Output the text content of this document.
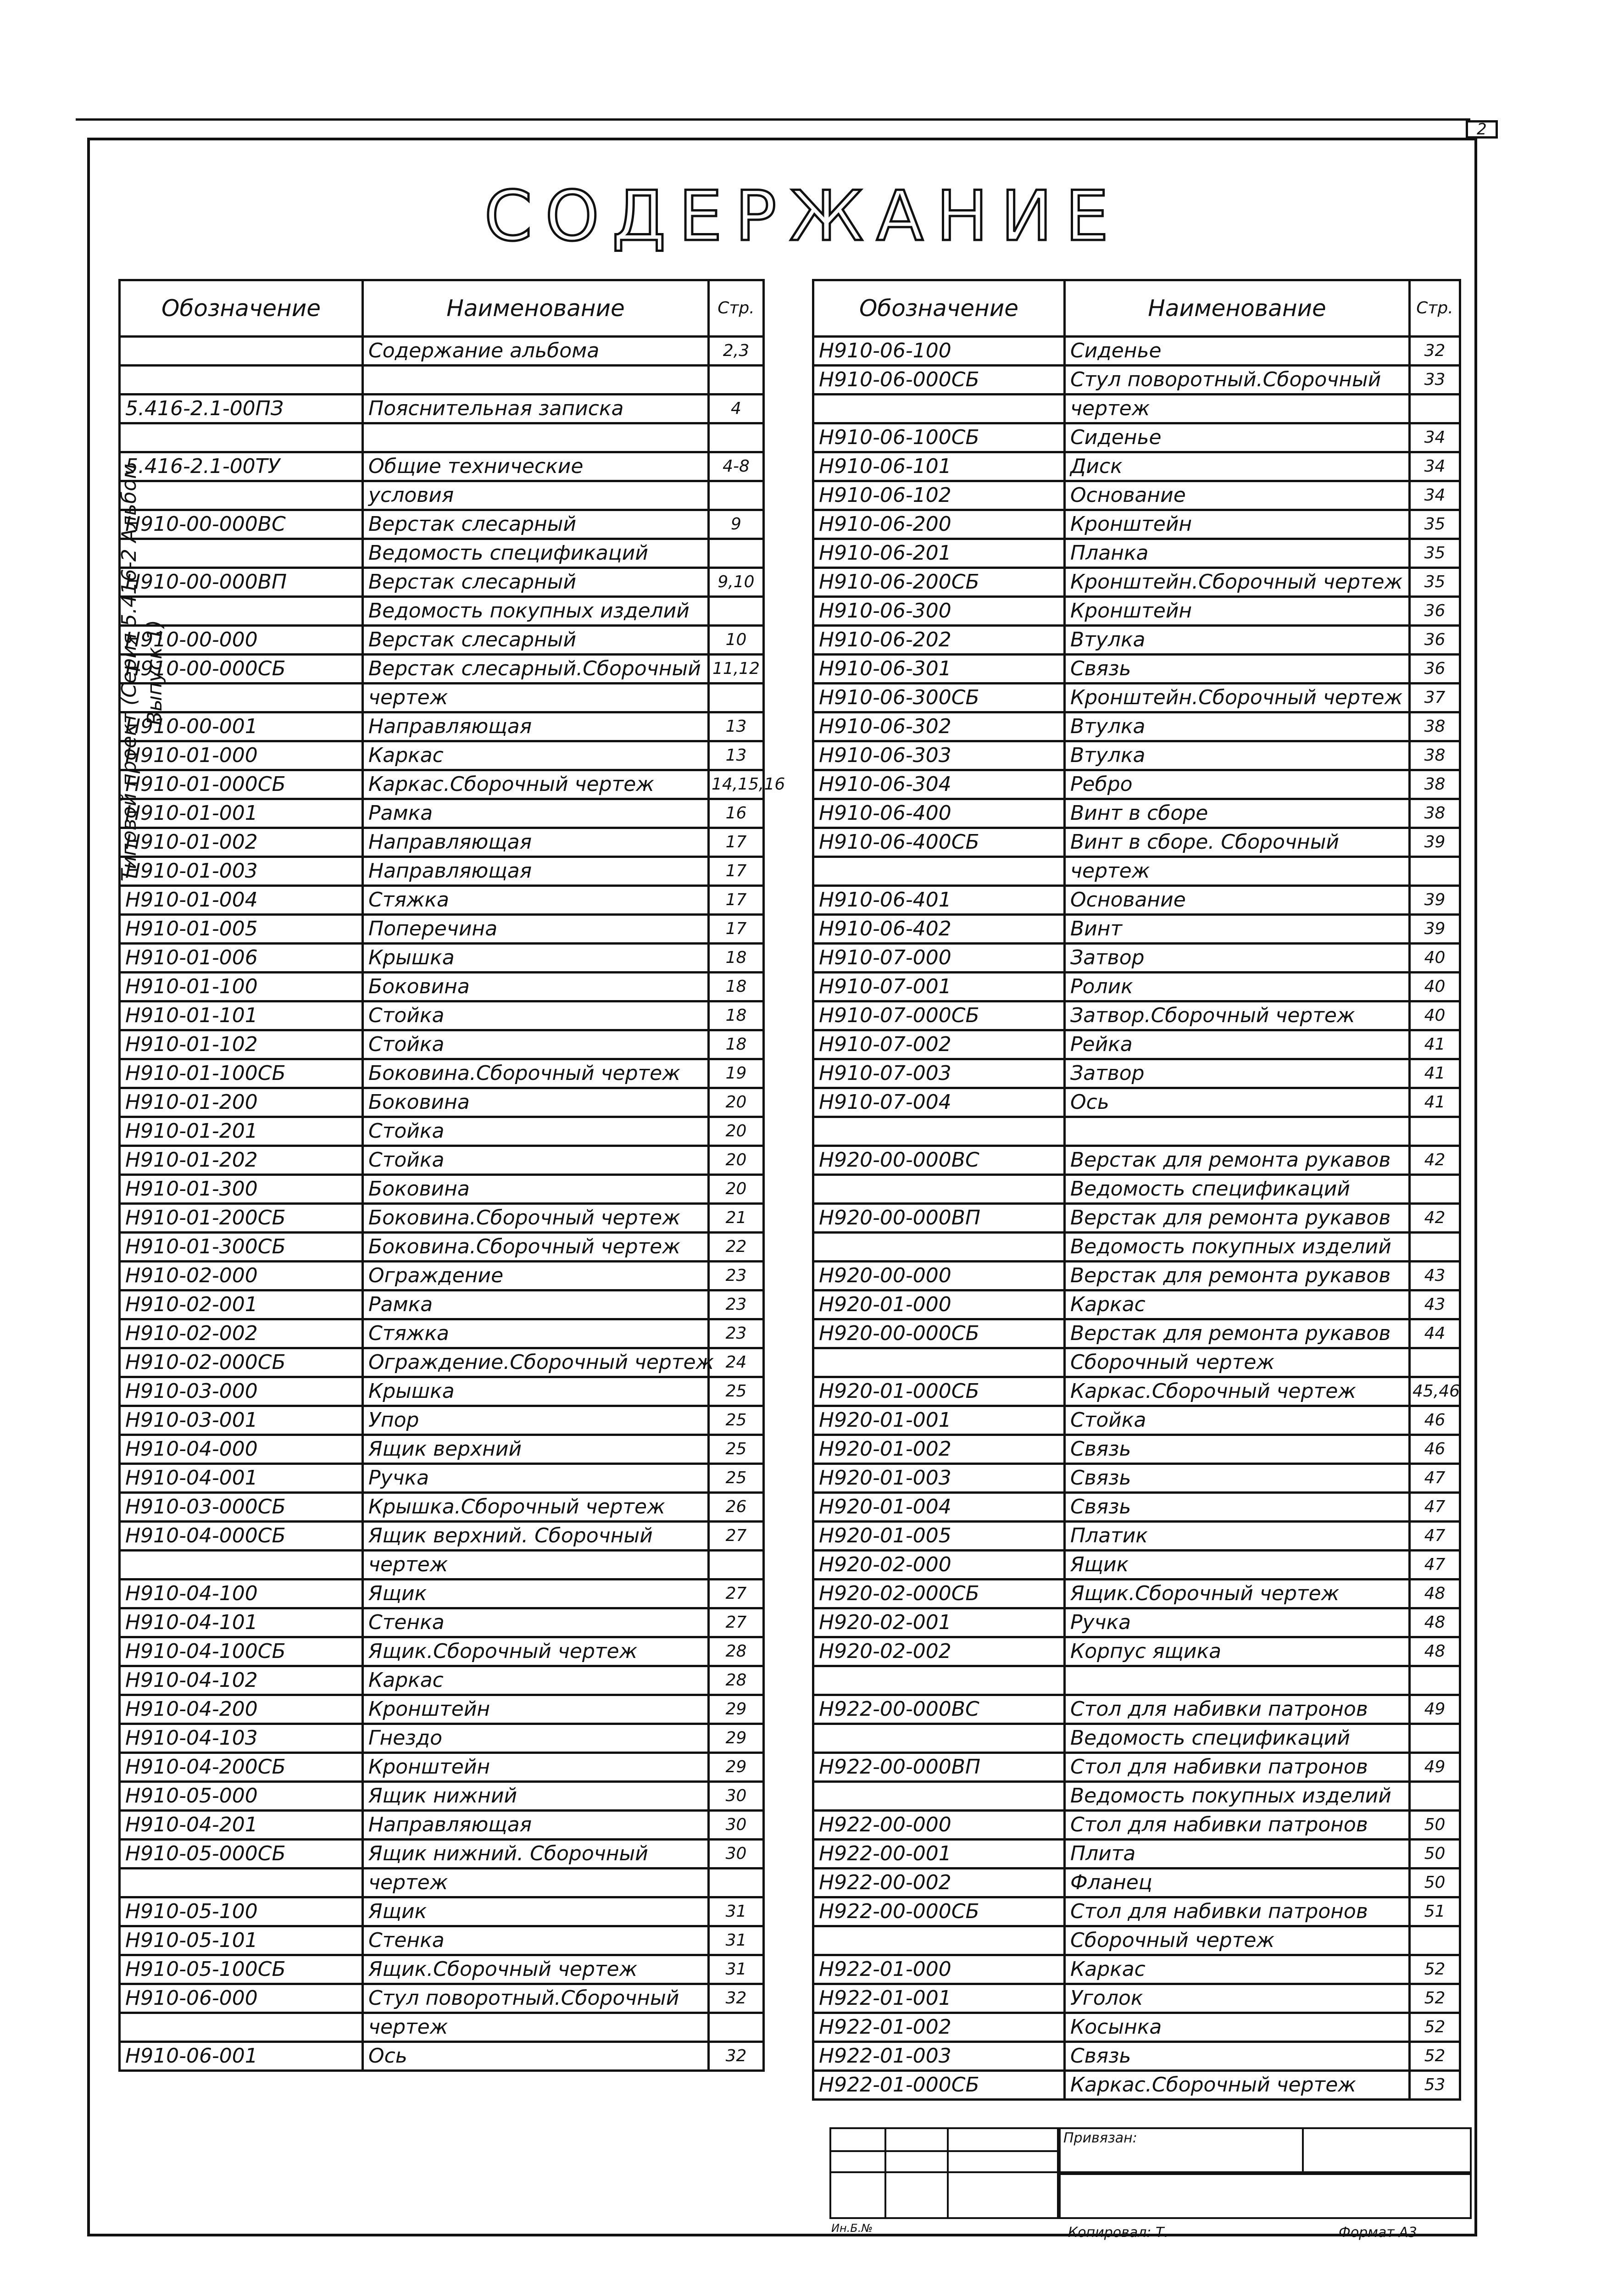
2
СОДЕРЖАНИЕ
Типовой проект (Серия 5.416-2 Альбом Выпуск 1)
Обозначение	Наименование	Стр.
	Содержание альбома	2,3

5.416-2.1-00ПЗ	Пояснительная записка	4

5.416-2.1-00ТУ	Общие технические	4-8
	условия	
Н910-00-000ВС	Верстак слесарный	9
	Ведомость спецификаций	
Н910-00-000ВП	Верстак слесарный	9,10
	Ведомость покупных изделий	
Н910-00-000	Верстак слесарный	10
Н910-00-000СБ	Верстак слесарный.Сборочный	11,12
	чертеж	
Н910-00-001	Направляющая	13
Н910-01-000	Каркас	13
Н910-01-000СБ	Каркас.Сборочный чертеж	14,15,16
Н910-01-001	Рамка	16
Н910-01-002	Направляющая	17
Н910-01-003	Направляющая	17
Н910-01-004	Стяжка	17
Н910-01-005	Поперечина	17
Н910-01-006	Крышка	18
Н910-01-100	Боковина	18
Н910-01-101	Стойка	18
Н910-01-102	Стойка	18
Н910-01-100СБ	Боковина.Сборочный чертеж	19
Н910-01-200	Боковина	20
Н910-01-201	Стойка	20
Н910-01-202	Стойка	20
Н910-01-300	Боковина	20
Н910-01-200СБ	Боковина.Сборочный чертеж	21
Н910-01-300СБ	Боковина.Сборочный чертеж	22
Н910-02-000	Ограждение	23
Н910-02-001	Рамка	23
Н910-02-002	Стяжка	23
Н910-02-000СБ	Ограждение.Сборочный чертеж	24
Н910-03-000	Крышка	25
Н910-03-001	Упор	25
Н910-04-000	Ящик верхний	25
Н910-04-001	Ручка	25
Н910-03-000СБ	Крышка.Сборочный чертеж	26
Н910-04-000СБ	Ящик верхний. Сборочный	27
	чертеж	
Н910-04-100	Ящик	27
Н910-04-101	Стенка	27
Н910-04-100СБ	Ящик.Сборочный чертеж	28
Н910-04-102	Каркас	28
Н910-04-200	Кронштейн	29
Н910-04-103	Гнездо	29
Н910-04-200СБ	Кронштейн	29
Н910-05-000	Ящик нижний	30
Н910-04-201	Направляющая	30
Н910-05-000СБ	Ящик нижний. Сборочный	30
	чертеж	
Н910-05-100	Ящик	31
Н910-05-101	Стенка	31
Н910-05-100СБ	Ящик.Сборочный чертеж	31
Н910-06-000	Стул поворотный.Сборочный	32
	чертеж	
Н910-06-001	Ось	32
Обозначение	Наименование	Стр.
Н910-06-100	Сиденье	32
Н910-06-000СБ	Стул поворотный.Сборочный	33
	чертеж	
Н910-06-100СБ	Сиденье	34
Н910-06-101	Диск	34
Н910-06-102	Основание	34
Н910-06-200	Кронштейн	35
Н910-06-201	Планка	35
Н910-06-200СБ	Кронштейн.Сборочный чертеж	35
Н910-06-300	Кронштейн	36
Н910-06-202	Втулка	36
Н910-06-301	Связь	36
Н910-06-300СБ	Кронштейн.Сборочный чертеж	37
Н910-06-302	Втулка	38
Н910-06-303	Втулка	38
Н910-06-304	Ребро	38
Н910-06-400	Винт в сборе	38
Н910-06-400СБ	Винт в сборе. Сборочный	39
	чертеж	
Н910-06-401	Основание	39
Н910-06-402	Винт	39
Н910-07-000	Затвор	40
Н910-07-001	Ролик	40
Н910-07-000СБ	Затвор.Сборочный чертеж	40
Н910-07-002	Рейка	41
Н910-07-003	Затвор	41
Н910-07-004	Ось	41

Н920-00-000ВС	Верстак для ремонта рукавов	42
	Ведомость спецификаций	
Н920-00-000ВП	Верстак для ремонта рукавов	42
	Ведомость покупных изделий	
Н920-00-000	Верстак для ремонта рукавов	43
Н920-01-000	Каркас	43
Н920-00-000СБ	Верстак для ремонта рукавов	44
	Сборочный чертеж	
Н920-01-000СБ	Каркас.Сборочный чертеж	45,46
Н920-01-001	Стойка	46
Н920-01-002	Связь	46
Н920-01-003	Связь	47
Н920-01-004	Связь	47
Н920-01-005	Платик	47
Н920-02-000	Ящик	47
Н920-02-000СБ	Ящик.Сборочный чертеж	48
Н920-02-001	Ручка	48
Н920-02-002	Корпус ящика	48

Н922-00-000ВС	Стол для набивки патронов	49
	Ведомость спецификаций	
Н922-00-000ВП	Стол для набивки патронов	49
	Ведомость покупных изделий	
Н922-00-000	Стол для набивки патронов	50
Н922-00-001	Плита	50
Н922-00-002	Фланец	50
Н922-00-000СБ	Стол для набивки патронов	51
	Сборочный чертеж	
Н922-01-000	Каркас	52
Н922-01-001	Уголок	52
Н922-01-002	Косынка	52
Н922-01-003	Связь	52
Н922-01-000СБ	Каркас.Сборочный чертеж	53
Привязан:
Ин.Б.№	Копировал: Т.	Формат А3
